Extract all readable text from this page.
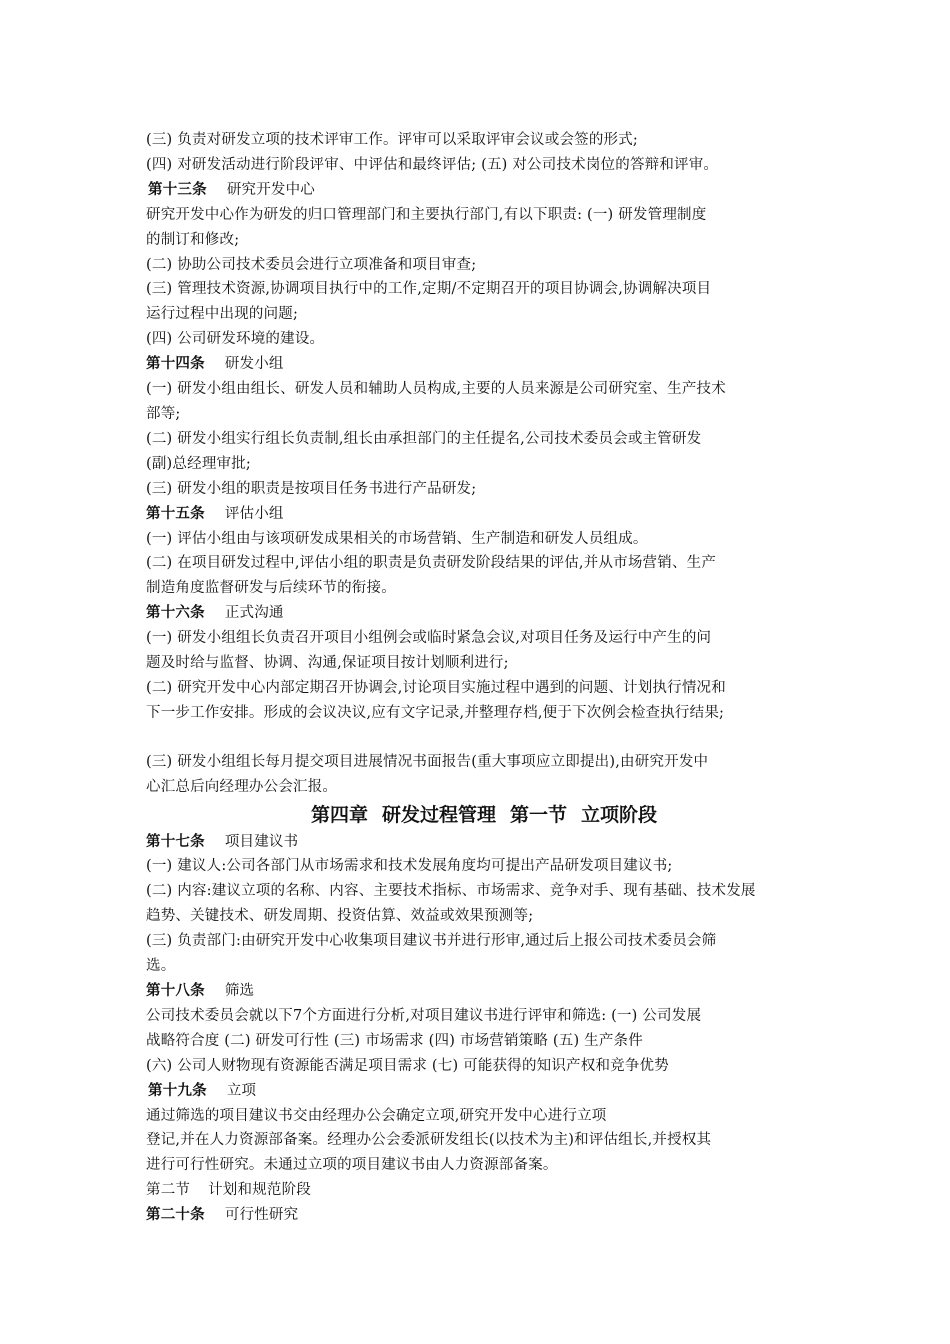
(三) 负责对研发立项的技术评审工作。评审可以采取评审会议或会签的形式;

(四) 对研发活动进行阶段评审、中评估和最终评估; (五) 对公司技术岗位的答辩和评审。

第十三条 研究开发中心

研究开发中心作为研发的归口管理部门和主要执行部门,有以下职责: (一) 研发管理制度

的制订和修改;

(二) 协助公司技术委员会进行立项准备和项目审查;

(三) 管理技术资源,协调项目执行中的工作,定期/不定期召开的项目协调会,协调解决项目

运行过程中出现的问题;

(四) 公司研发环境的建设。

第十四条 研发小组

(一) 研发小组由组长、研发人员和辅助人员构成,主要的人员来源是公司研究室、生产技术

部等;

(二) 研发小组实行组长负责制,组长由承担部门的主任提名,公司技术委员会或主管研发

(副)总经理审批;

(三) 研发小组的职责是按项目任务书进行产品研发;

第十五条 评估小组

(一) 评估小组由与该项研发成果相关的市场营销、生产制造和研发人员组成。

(二) 在项目研发过程中,评估小组的职责是负责研发阶段结果的评估,并从市场营销、生产

制造角度监督研发与后续环节的衔接。

第十六条 正式沟通

(一) 研发小组组长负责召开项目小组例会或临时紧急会议,对项目任务及运行中产生的问

题及时给与监督、协调、沟通,保证项目按计划顺利进行;

(二) 研究开发中心内部定期召开协调会,讨论项目实施过程中遇到的问题、计划执行情况和

下一步工作安排。形成的会议决议,应有文字记录,并整理存档,便于下次例会检查执行结果;

(三) 研发小组组长每月提交项目进展情况书面报告(重大事项应立即提出),由研究开发中

心汇总后向经理办公会汇报。

第四章 研发过程管理 第一节 立项阶段

第十七条 项目建议书

(一) 建议人:公司各部门从市场需求和技术发展角度均可提出产品研发项目建议书;

(二) 内容:建议立项的名称、内容、主要技术指标、市场需求、竞争对手、现有基础、技术发展

趋势、关键技术、研发周期、投资估算、效益或效果预测等;

(三) 负责部门:由研究开发中心收集项目建议书并进行形审,通过后上报公司技术委员会筛

选。

第十八条 筛选

公司技术委员会就以下7个方面进行分析,对项目建议书进行评审和筛选: (一) 公司发展

战略符合度 (二) 研发可行性 (三) 市场需求 (四) 市场营销策略 (五) 生产条件

(六) 公司人财物现有资源能否满足项目需求 (七) 可能获得的知识产权和竞争优势

第十九条 立项

通过筛选的项目建议书交由经理办公会确定立项,研究开发中心进行立项

登记,并在人力资源部备案。经理办公会委派研发组长(以技术为主)和评估组长,并授权其

进行可行性研究。未通过立项的项目建议书由人力资源部备案。

第二节 计划和规范阶段

第二十条 可行性研究
